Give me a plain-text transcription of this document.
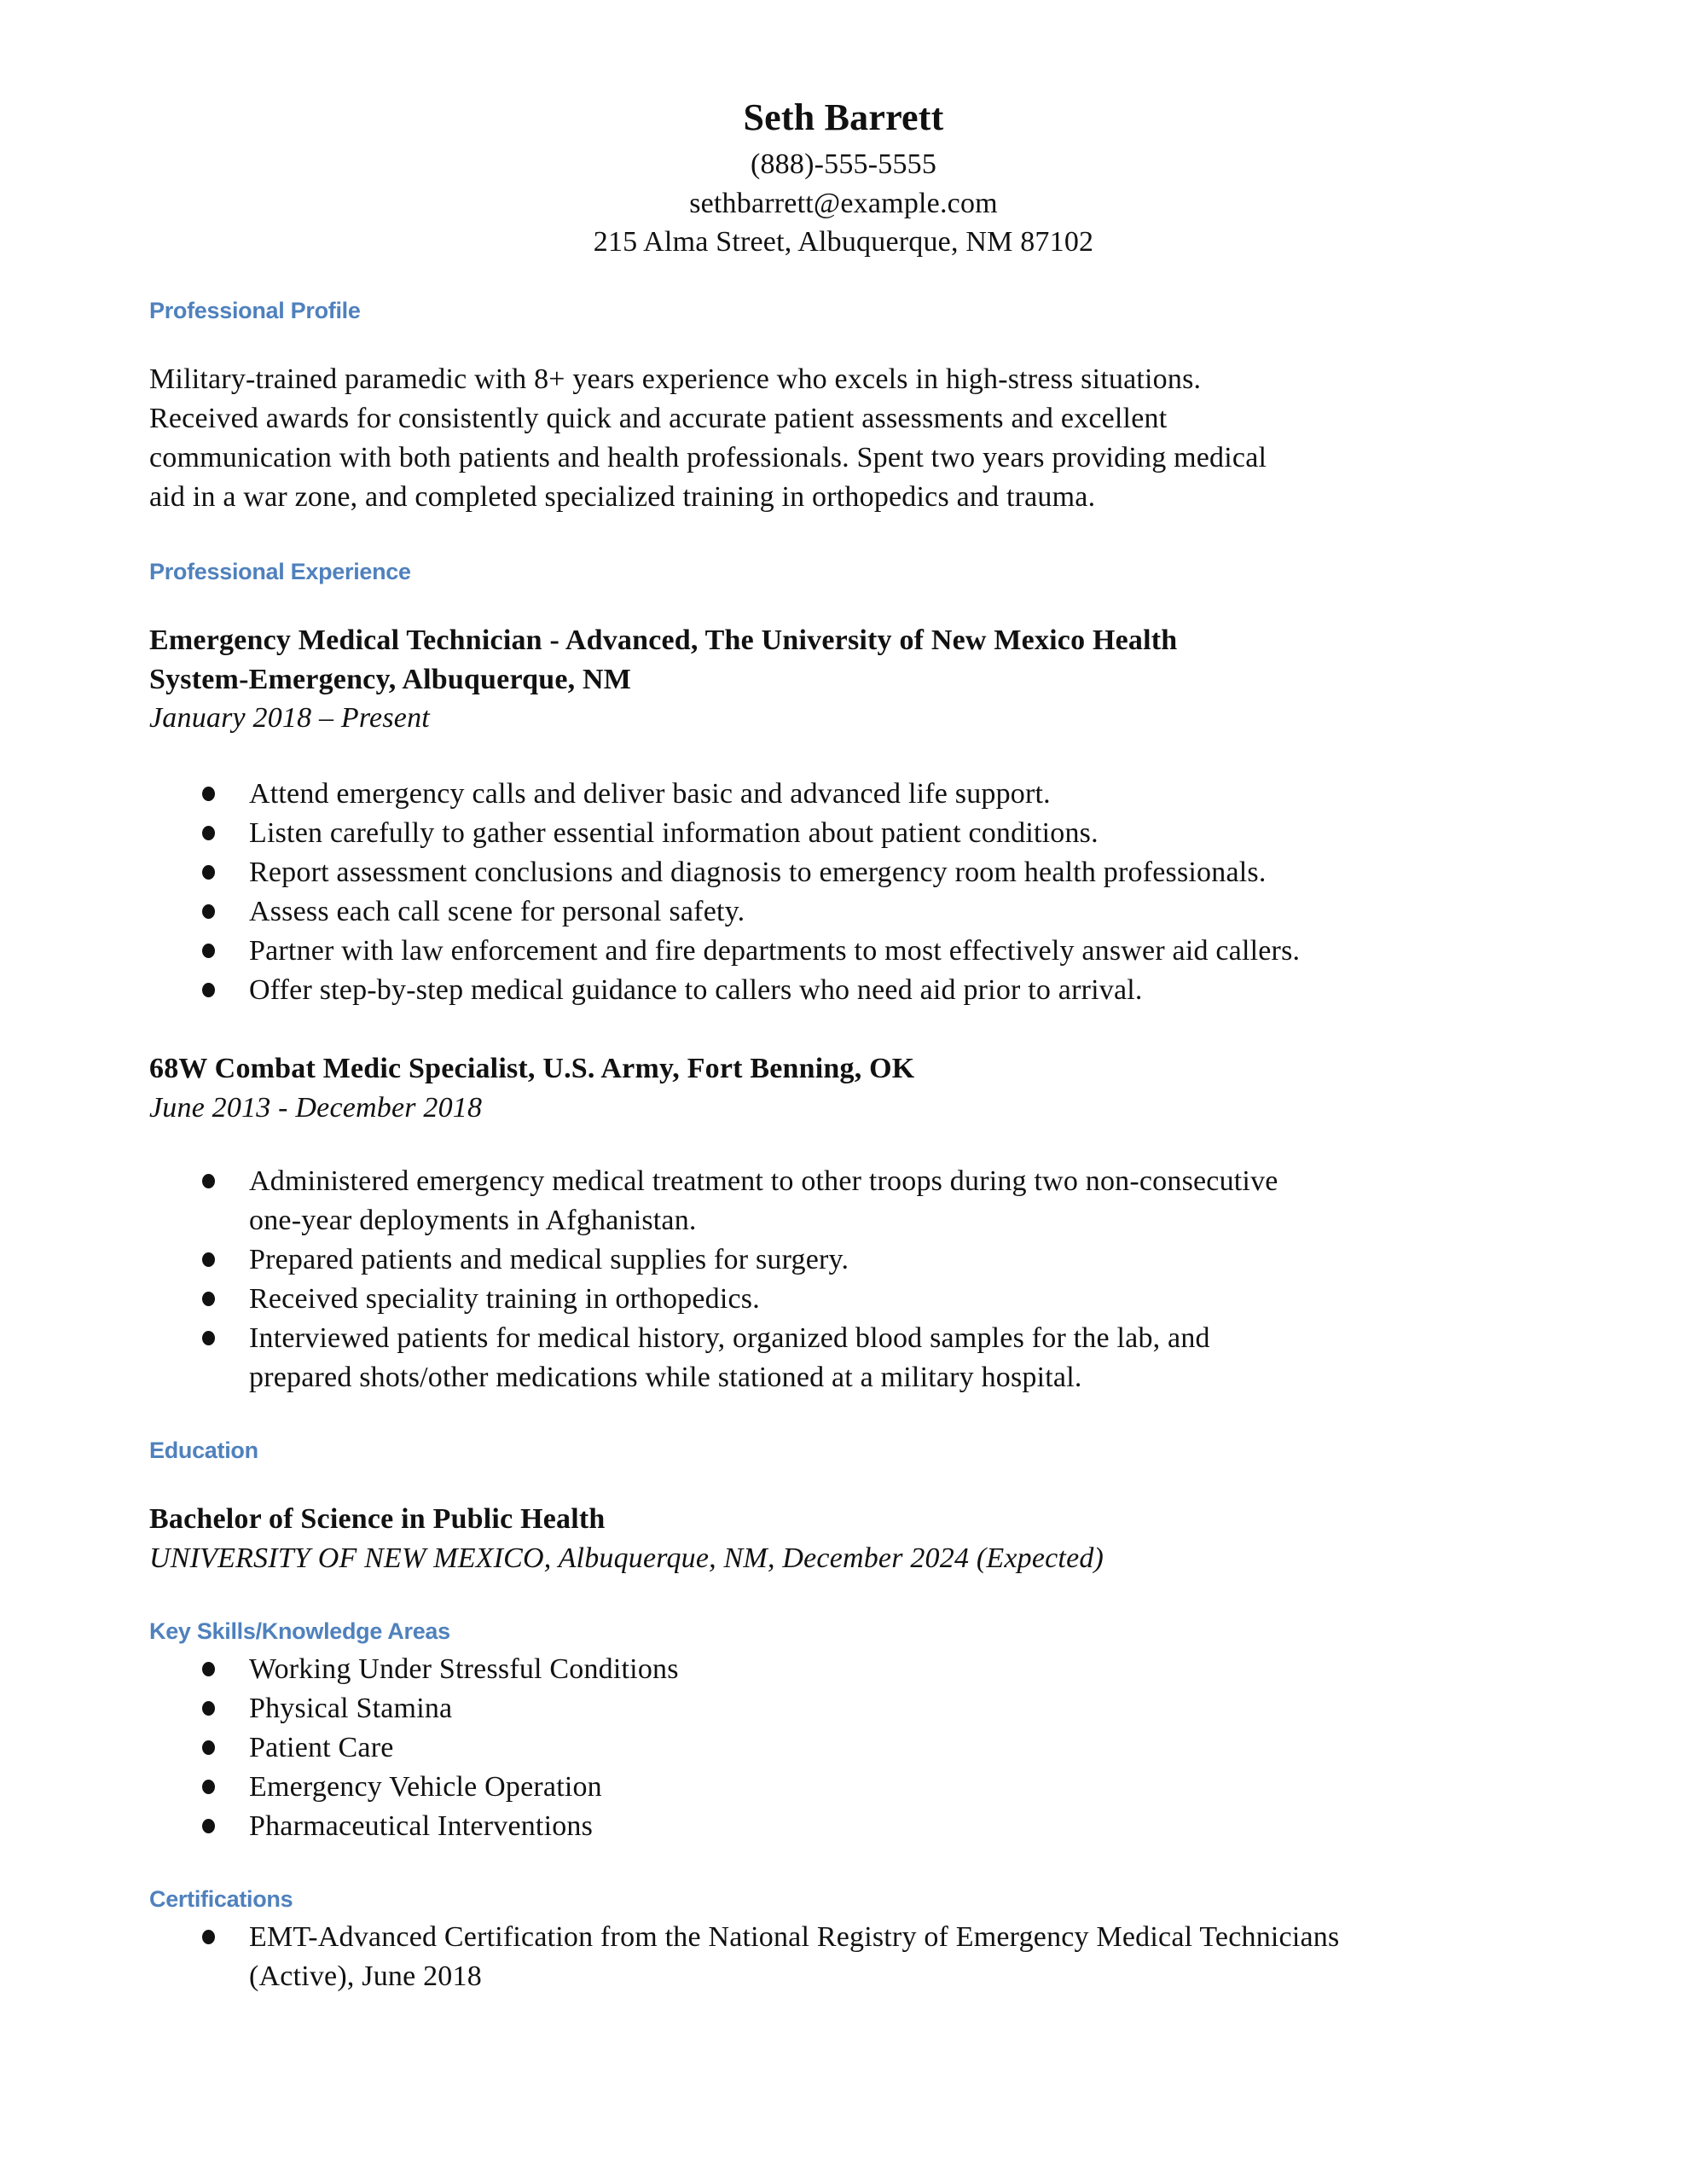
Seth Barrett
(888)-555-5555
sethbarrett@example.com
215 Alma Street, Albuquerque, NM 87102
Professional Profile
Military-trained paramedic with 8+ years experience who excels in high-stress situations.
Received awards for consistently quick and accurate patient assessments and excellent
communication with both patients and health professionals. Spent two years providing medical
aid in a war zone, and completed specialized training in orthopedics and trauma.
Professional Experience
Emergency Medical Technician - Advanced, The University of New Mexico Health
System-Emergency, Albuquerque, NM
January 2018 – Present
Attend emergency calls and deliver basic and advanced life support.
Listen carefully to gather essential information about patient conditions.
Report assessment conclusions and diagnosis to emergency room health professionals.
Assess each call scene for personal safety.
Partner with law enforcement and fire departments to most effectively answer aid callers.
Offer step-by-step medical guidance to callers who need aid prior to arrival.
68W Combat Medic Specialist, U.S. Army, Fort Benning, OK
June 2013 - December 2018
Administered emergency medical treatment to other troops during two non-consecutive
one-year deployments in Afghanistan.
Prepared patients and medical supplies for surgery.
Received speciality training in orthopedics.
Interviewed patients for medical history, organized blood samples for the lab, and
prepared shots/other medications while stationed at a military hospital.
Education
Bachelor of Science in Public Health
UNIVERSITY OF NEW MEXICO, Albuquerque, NM, December 2024 (Expected)
Key Skills/Knowledge Areas
Working Under Stressful Conditions
Physical Stamina
Patient Care
Emergency Vehicle Operation
Pharmaceutical Interventions
Certifications
EMT-Advanced Certification from the National Registry of Emergency Medical Technicians
(Active), June 2018
